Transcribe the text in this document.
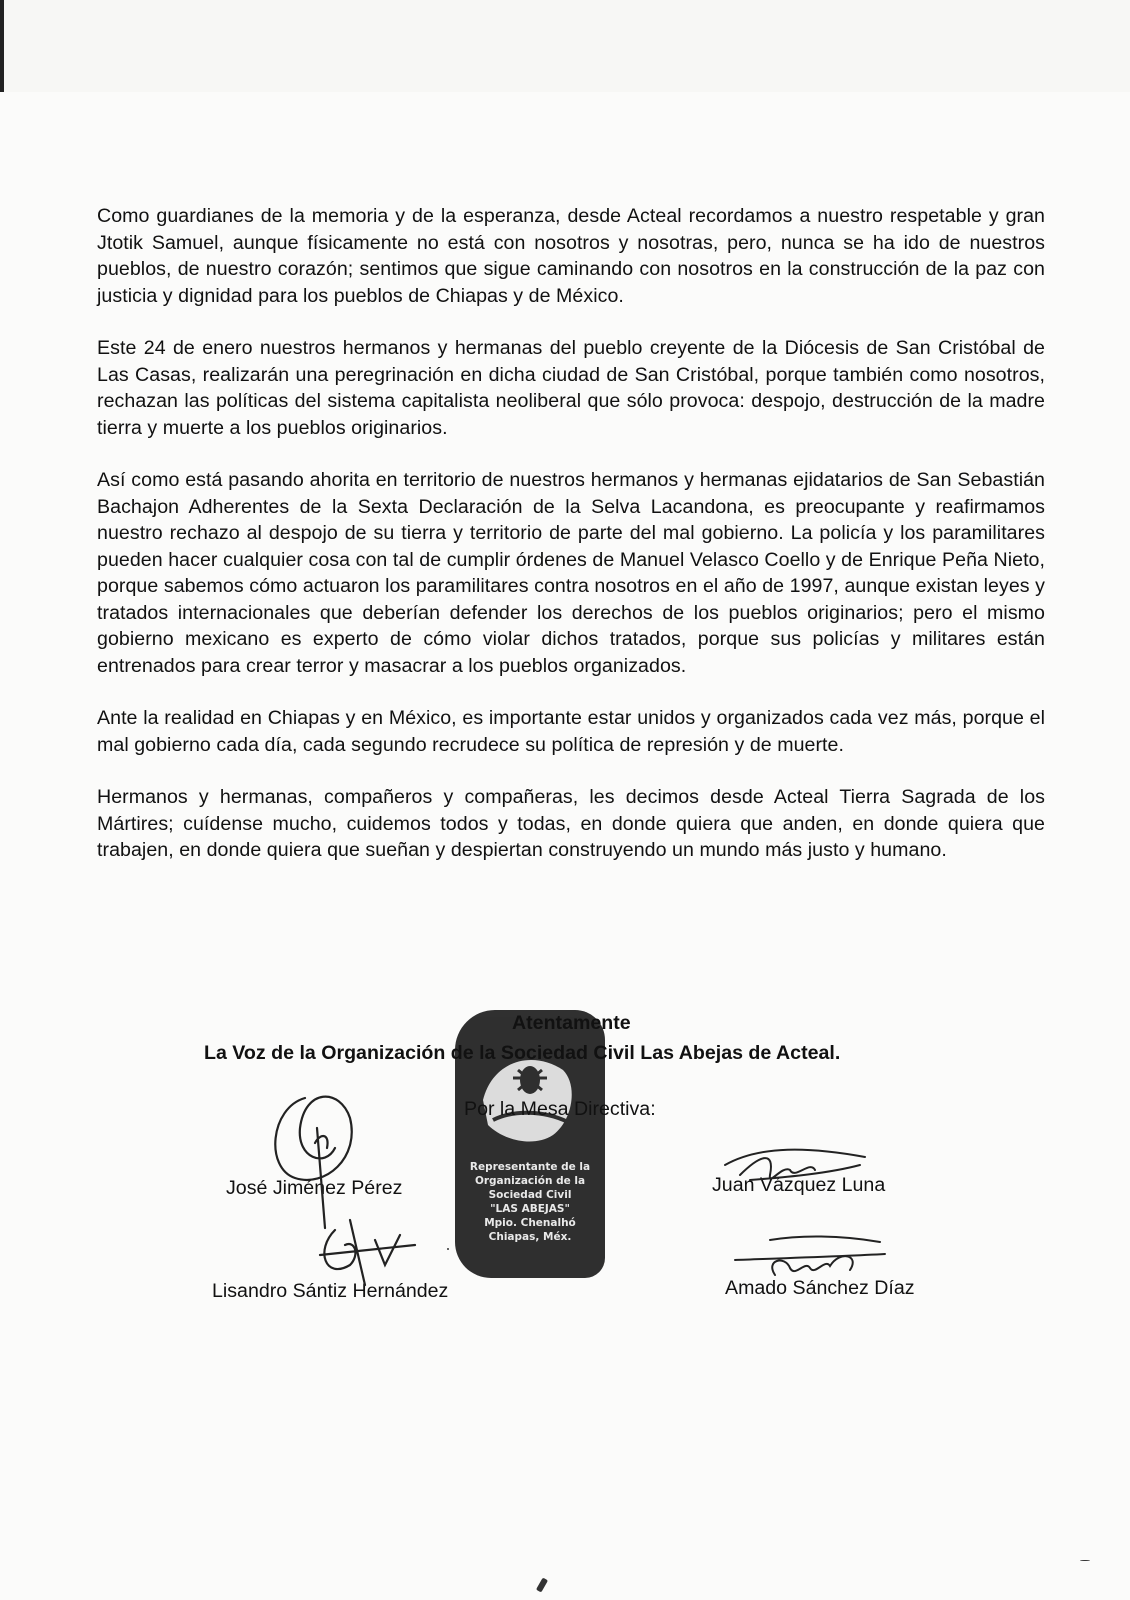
Como guardianes de la memoria y de la esperanza, desde Acteal recordamos a nuestro respetable y gran Jtotik Samuel, aunque físicamente no está con nosotros y nosotras, pero, nunca se ha ido de nuestros pueblos, de nuestro corazón; sentimos que sigue caminando con nosotros en la construcción de la paz con justicia y dignidad para los pueblos de Chiapas y de México.

Este 24 de enero nuestros hermanos y hermanas del pueblo creyente de la Diócesis de San Cristóbal de Las Casas, realizarán una peregrinación en dicha ciudad de San Cristóbal, porque también como nosotros, rechazan las políticas del sistema capitalista neoliberal que sólo provoca: despojo, destrucción de la madre tierra y muerte a los pueblos originarios.

Así como está pasando ahorita en territorio de nuestros hermanos y hermanas ejidatarios de San Sebastián Bachajon Adherentes de la Sexta Declaración de la Selva Lacandona, es preocupante y reafirmamos nuestro rechazo al despojo de su tierra y territorio de parte del mal gobierno. La policía y los paramilitares pueden hacer cualquier cosa con tal de cumplir órdenes de Manuel Velasco Coello y de Enrique Peña Nieto, porque sabemos cómo actuaron los paramilitares contra nosotros en el año de 1997, aunque existan leyes y tratados internacionales que deberían defender los derechos de los pueblos originarios; pero el mismo gobierno mexicano es experto de cómo violar dichos tratados, porque sus policías y militares están entrenados para crear terror y masacrar a los pueblos organizados.

Ante la realidad en Chiapas y en México, es importante estar unidos y organizados cada vez más, porque el mal gobierno cada día, cada segundo recrudece su política de represión y de muerte.

Hermanos y hermanas, compañeros y compañeras, les decimos desde Acteal Tierra Sagrada de los Mártires; cuídense mucho, cuidemos todos y todas, en donde quiera que anden, en donde quiera que trabajen, en donde quiera que sueñan y despiertan construyendo un mundo más justo y humano.

Representante de la
Organización de la
Sociedad Civil
"LAS ABEJAS"
Mpio. Chenalhó
Chiapas, Méx.
Atentamente
La Voz de la Organización de la Sociedad Civil Las Abejas de Acteal.
Por la Mesa Directiva:
José Jiménez Pérez	Juan Vázquez Luna
Lisandro Sántiz Hernández	Amado Sánchez Díaz
